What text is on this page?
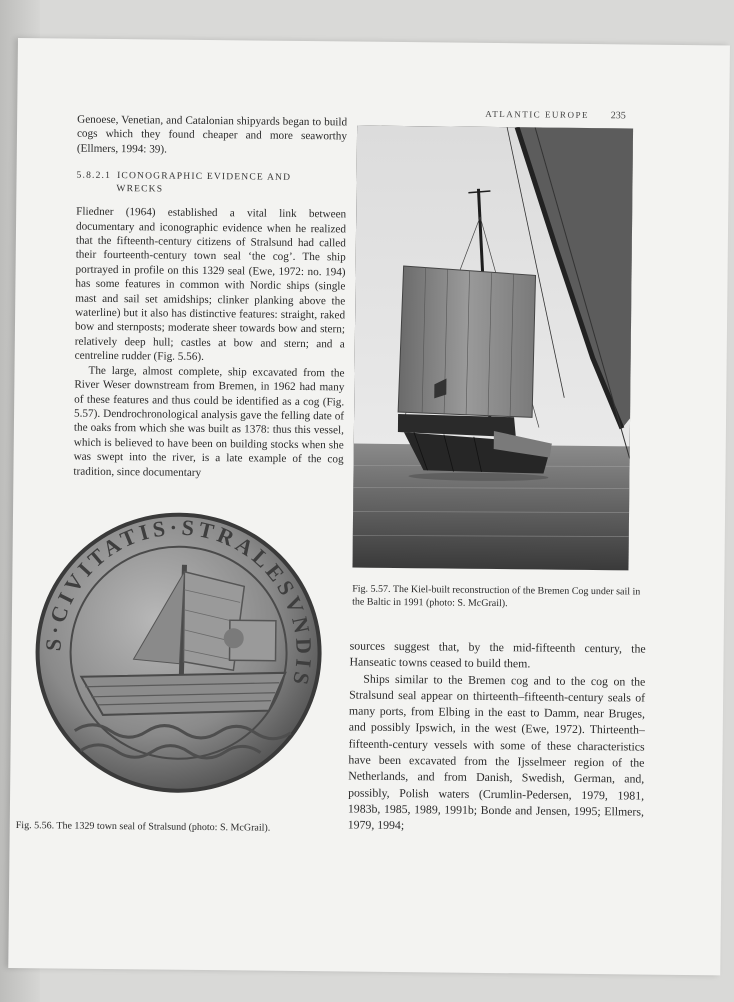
ATLANTIC EUROPE 235

Genoese, Venetian, and Catalonian shipyards began to build cogs which they found cheaper and more seaworthy (Ellmers, 1994: 39).

5.8.2.1 ICONOGRAPHIC EVIDENCE AND
WRECKS

Fliedner (1964) established a vital link between documentary and iconographic evidence when he realized that the fifteenth-century citizens of Stralsund had called their fourteenth-century town seal ‘the cog’. The ship portrayed in profile on this 1329 seal (Ewe, 1972: no. 194) has some features in common with Nordic ships (single mast and sail set amidships; clinker planking above the waterline) but it also has distinctive features: straight, raked bow and sternposts; moderate sheer towards bow and stern; relatively deep hull; castles at bow and stern; and a centreline rudder (Fig. 5.56).

The large, almost complete, ship excavated from the River Weser downstream from Bremen, in 1962 had many of these features and thus could be identified as a cog (Fig. 5.57). Dendrochronological analysis gave the felling date of the oaks from which she was built as 1378: thus this vessel, which is believed to have been on building stocks when she was swept into the river, is a late example of the cog tradition, since documentary

Fig. 5.57. The Kiel-built reconstruction of the Bremen Cog under sail in the Baltic in 1991 (photo: S. McGrail).
S·CIVITATIS·STRALESVNDIS
Fig. 5.56. The 1329 town seal of Stralsund (photo: S. McGrail).

sources suggest that, by the mid-fifteenth century, the Hanseatic towns ceased to build them.

Ships similar to the Bremen cog and to the cog on the Stralsund seal appear on thirteenth–fifteenth-century seals of many ports, from Elbing in the east to Damm, near Bruges, and possibly Ipswich, in the west (Ewe, 1972). Thirteenth–fifteenth-century vessels with some of these characteristics have been excavated from the Ijsselmeer region of the Netherlands, and from Danish, Swedish, German, and, possibly, Polish waters (Crumlin-Pedersen, 1979, 1981, 1983b, 1985, 1989, 1991b; Bonde and Jensen, 1995; Ellmers, 1979, 1994;
